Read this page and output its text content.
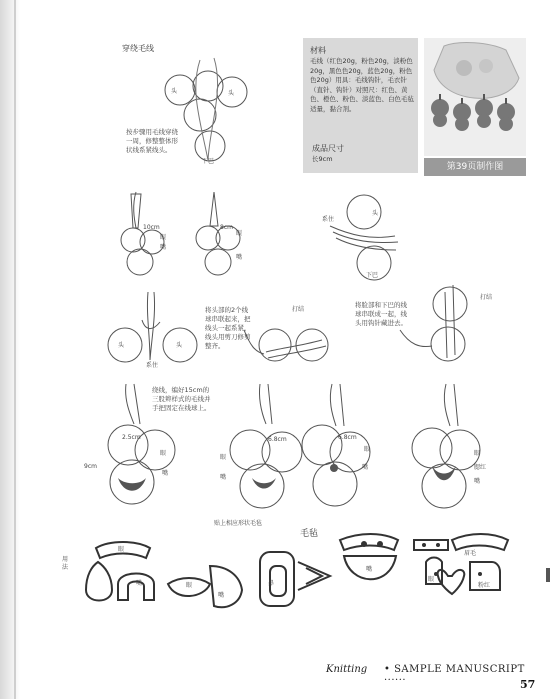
穿绕毛线
头	头
下巴
按步骤用毛线穿绕一周，修整整体形状线系紧线头。
材料
毛线（红色20g，粉色20g，淡粉色20g，黑色色20g，蓝色20g，粉色色20g）用具：毛线钩针，毛衣针（直针、钩针）对照尺：红色、黄色、橙色、粉色、淡蓝色、白色毛毡适量，黏合剂。
成品尺寸
长9cm
第39页制作图
10cm
眼
嘴
8cm
眼
嘴
系住
头
下巴
头	头
系住
打结
打结
将头部的2个线球串联起来，把线头一起系紧，线头用剪刀修剪整齐。
将脸部和下巴的线球串联成一起，线头用钩针藏进去。
绕线，编好15cm的三股辫样式的毛线并手把固定在线球上。
2.5cm
9cm
眼
嘴
6.8cm
眼
嘴
6.8cm
眼
嘴
眼
腮红
嘴
贴上相应形状毛毡
毛毡
用法
眼
嘴	眼
嘴
鼻
嘴
眉毛
眼
粉红
Knitting • SAMPLE MANUSCRIPT ······	57
